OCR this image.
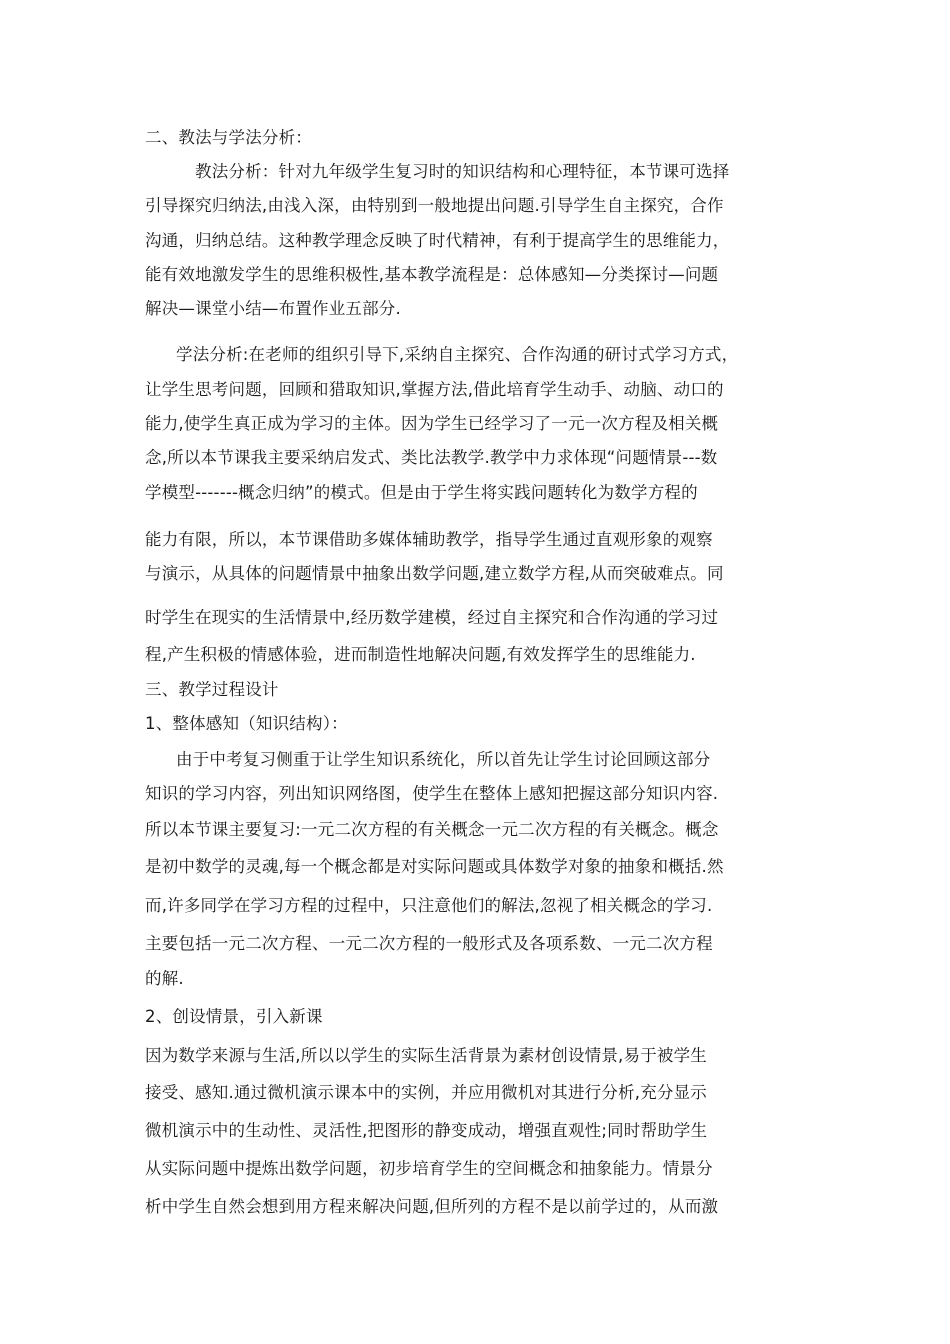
二、教法与学法分析：
教法分析：针对九年级学生复习时的知识结构和心理特征，本节课可选择
引导探究归纳法,由浅入深，由特别到一般地提出问题.引导学生自主探究，合作
沟通，归纳总结。这种教学理念反映了时代精神，有利于提高学生的思维能力，
能有效地激发学生的思维积极性,基本教学流程是：总体感知—分类探讨—问题
解决—课堂小结—布置作业五部分.
学法分析:在老师的组织引导下,采纳自主探究、合作沟通的研讨式学习方式，
让学生思考问题，回顾和猎取知识,掌握方法,借此培育学生动手、动脑、动口的
能力,使学生真正成为学习的主体。因为学生已经学习了一元一次方程及相关概
念,所以本节课我主要采纳启发式、类比法教学.教学中力求体现“问题情景---数
学模型-------概念归纳”的模式。但是由于学生将实践问题转化为数学方程的
能力有限，所以，本节课借助多媒体辅助教学，指导学生通过直观形象的观察
与演示，从具体的问题情景中抽象出数学问题,建立数学方程,从而突破难点。同
时学生在现实的生活情景中,经历数学建模，经过自主探究和合作沟通的学习过
程,产生积极的情感体验，进而制造性地解决问题,有效发挥学生的思维能力.
三、教学过程设计
1、整体感知（知识结构）：
由于中考复习侧重于让学生知识系统化，所以首先让学生讨论回顾这部分
知识的学习内容，列出知识网络图，使学生在整体上感知把握这部分知识内容.
所以本节课主要复习:一元二次方程的有关概念一元二次方程的有关概念。概念
是初中数学的灵魂,每一个概念都是对实际问题或具体数学对象的抽象和概括.然
而,许多同学在学习方程的过程中，只注意他们的解法,忽视了相关概念的学习.
主要包括一元二次方程、一元二次方程的一般形式及各项系数、一元二次方程
的解.
2、创设情景，引入新课
因为数学来源与生活,所以以学生的实际生活背景为素材创设情景,易于被学生
接受、感知.通过微机演示课本中的实例，并应用微机对其进行分析,充分显示
微机演示中的生动性、灵活性,把图形的静变成动，增强直观性;同时帮助学生
从实际问题中提炼出数学问题，初步培育学生的空间概念和抽象能力。情景分
析中学生自然会想到用方程来解决问题,但所列的方程不是以前学过的，从而激
